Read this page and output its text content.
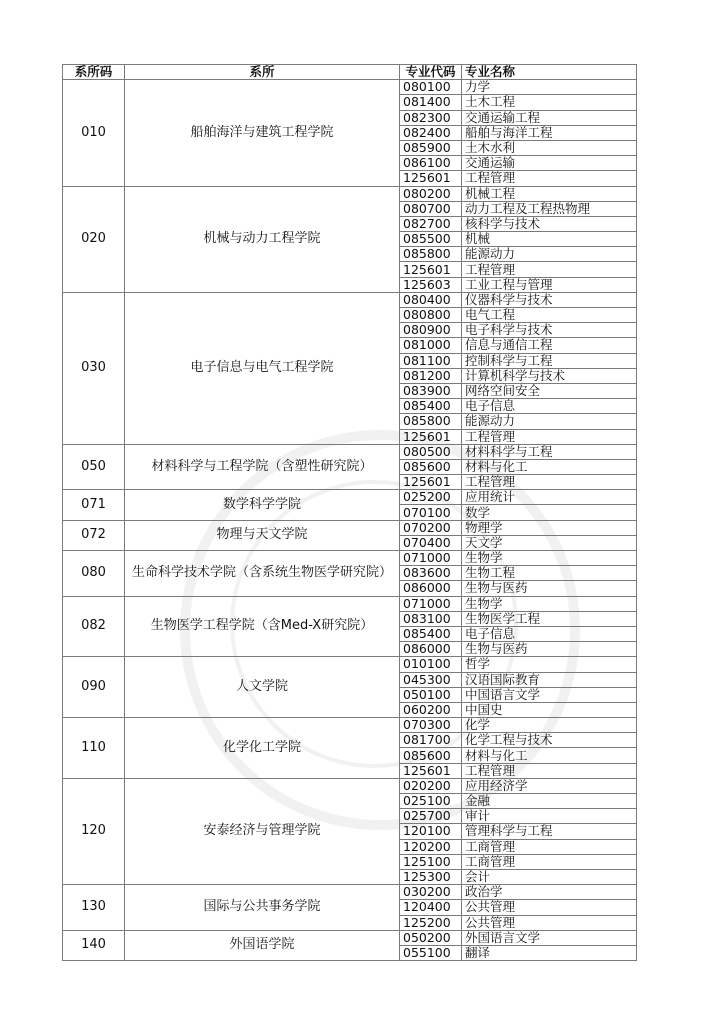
系所码	系所	专业代码	专业名称
010	船舶海洋与建筑工程学院	080100	力学
		081400	土木工程
		082300	交通运输工程
		082400	船舶与海洋工程
		085900	土木水利
		086100	交通运输
		125601	工程管理
020	机械与动力工程学院	080200	机械工程
		080700	动力工程及工程热物理
		082700	核科学与技术
		085500	机械
		085800	能源动力
		125601	工程管理
		125603	工业工程与管理
030	电子信息与电气工程学院	080400	仪器科学与技术
		080800	电气工程
		080900	电子科学与技术
		081000	信息与通信工程
		081100	控制科学与工程
		081200	计算机科学与技术
		083900	网络空间安全
		085400	电子信息
		085800	能源动力
		125601	工程管理
050	材料科学与工程学院（含塑性研究院）	080500	材料科学与工程
		085600	材料与化工
		125601	工程管理
071	数学科学学院	025200	应用统计
		070100	数学
072	物理与天文学院	070200	物理学
		070400	天文学
080	生命科学技术学院（含系统生物医学研究院）	071000	生物学
		083600	生物工程
		086000	生物与医药
082	生物医学工程学院（含Med-X研究院）	071000	生物学
		083100	生物医学工程
		085400	电子信息
		086000	生物与医药
090	人文学院	010100	哲学
		045300	汉语国际教育
		050100	中国语言文学
		060200	中国史
110	化学化工学院	070300	化学
		081700	化学工程与技术
		085600	材料与化工
		125601	工程管理
120	安泰经济与管理学院	020200	应用经济学
		025100	金融
		025700	审计
		120100	管理科学与工程
		120200	工商管理
		125100	工商管理
		125300	会计
130	国际与公共事务学院	030200	政治学
		120400	公共管理
		125200	公共管理
140	外国语学院	050200	外国语言文学
		055100	翻译
